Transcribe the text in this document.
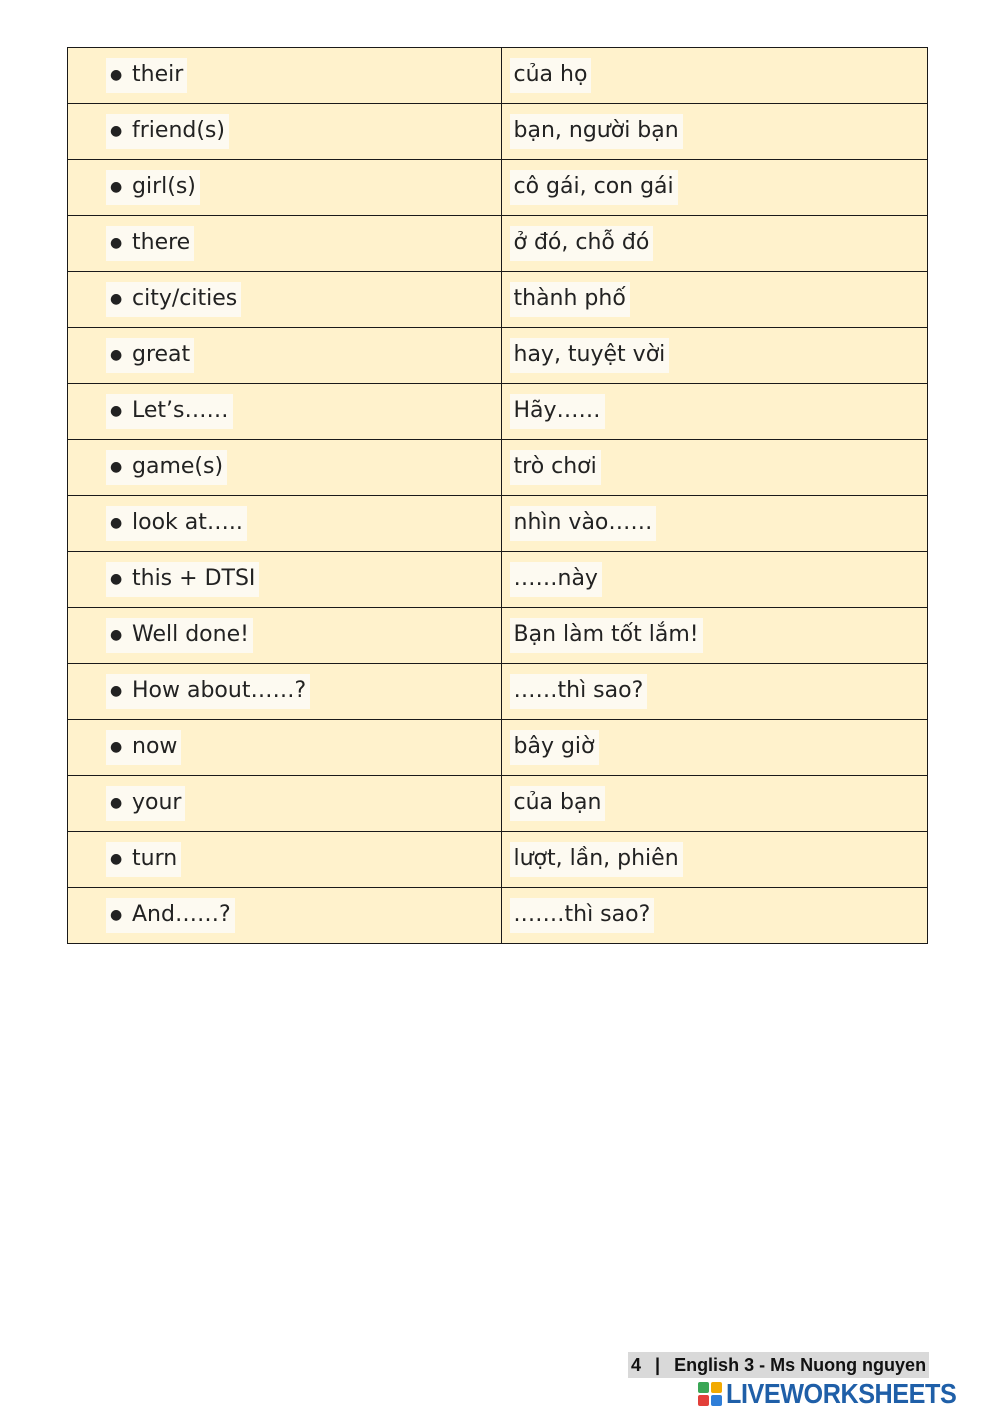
● their	của họ
● friend(s)	bạn, người bạn
● girl(s)	cô gái, con gái
● there	ở đó, chỗ đó
● city/cities	thành phố
● great	hay, tuyệt vời
● Let’s……	Hãy……
● game(s)	trò chơi
● look at…..	nhìn vào……
● this + DTSI	……này
● Well done!	Bạn làm tốt lắm!
● How about……?	……thì sao?
● now	bây giờ
● your	của bạn
● turn	lượt, lần, phiên
● And……?	.……thì sao?
4 | English 3 - Ms Nuong nguyen
LIVEWORKSHEETS
